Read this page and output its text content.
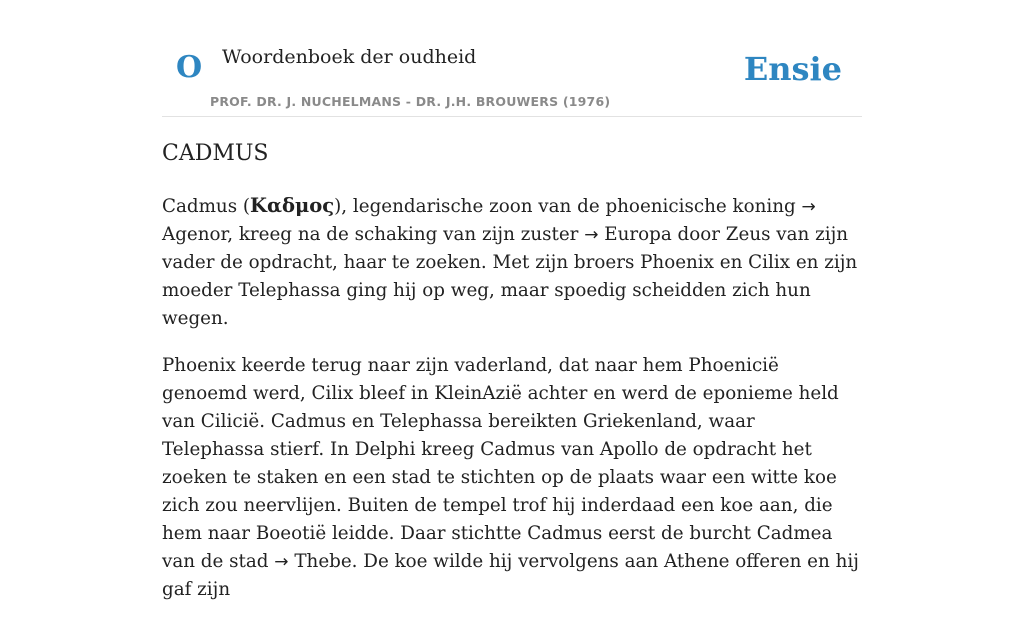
O Woordenboek der oudheid	Ensie
PROF. DR. J. NUCHELMANS - DR. J.H. BROUWERS (1976)
CADMUS

Cadmus (Καδμος), legendarische zoon van de phoenicische koning → Agenor, kreeg na de schaking van zijn zuster → Europa door Zeus van zijn vader de opdracht, haar te zoeken. Met zijn broers Phoenix en Cilix en zijn moeder Telephassa ging hij op weg, maar spoedig scheidden zich hun wegen.

Phoenix keerde terug naar zijn vaderland, dat naar hem Phoenicië genoemd werd, Cilix bleef in KleinAzië achter en werd de eponieme held van Cilicië. Cadmus en Telephassa bereikten Griekenland, waar Telephassa stierf. In Delphi kreeg Cadmus van Apollo de opdracht het zoeken te staken en een stad te stichten op de plaats waar een witte koe zich zou neervlijen. Buiten de tempel trof hij inderdaad een koe aan, die hem naar Boeotië leidde. Daar stichtte Cadmus eerst de burcht Cadmea van de stad → Thebe. De koe wilde hij vervolgens aan Athene offeren en hij gaf zijn
